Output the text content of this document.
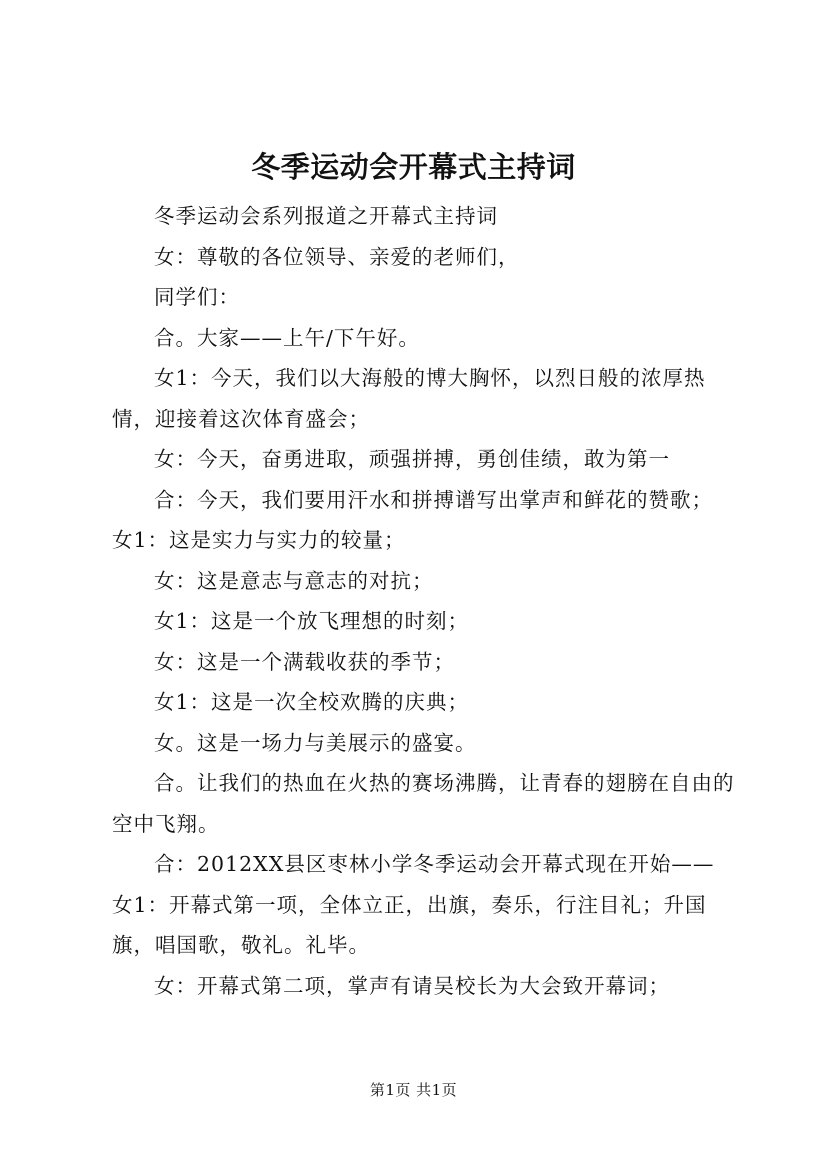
冬季运动会开幕式主持词

冬季运动会系列报道之开幕式主持词

女：尊敬的各位领导、亲爱的老师们，

同学们：

合。大家——上午/下午好。

女1：今天，我们以大海般的博大胸怀，以烈日般的浓厚热情，迎接着这次体育盛会；

女：今天，奋勇进取，顽强拼搏，勇创佳绩，敢为第一

合：今天，我们要用汗水和拼搏谱写出掌声和鲜花的赞歌；

女1：这是实力与实力的较量；

女：这是意志与意志的对抗；

女1：这是一个放飞理想的时刻；

女：这是一个满载收获的季节；

女1：这是一次全校欢腾的庆典；

女。这是一场力与美展示的盛宴。

合。让我们的热血在火热的赛场沸腾，让青春的翅膀在自由的空中飞翔。

合：2012XX县区枣林小学冬季运动会开幕式现在开始——

女1：开幕式第一项，全体立正，出旗，奏乐，行注目礼；升国旗，唱国歌，敬礼。礼毕。

女：开幕式第二项，掌声有请吴校长为大会致开幕词；

第1页 共1页
